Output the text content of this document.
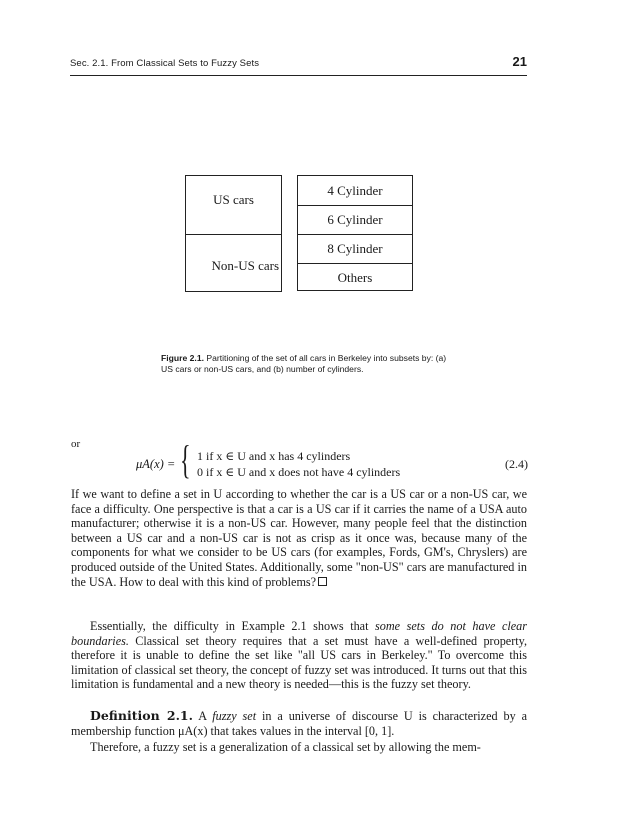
Sec. 2.1. From Classical Sets to Fuzzy Sets	21
US cars
Non-US cars
4 Cylinder
6 Cylinder
8 Cylinder
Others
Figure 2.1. Partitioning of the set of all cars in Berkeley into subsets by: (a) US cars or non-US cars, and (b) number of cylinders.
or
μA(x) = { 1 if x ∈ U and x has 4 cylinders
0 if x ∈ U and x does not have 4 cylinders
(2.4)

If we want to define a set in U according to whether the car is a US car or a non-US car, we face a difficulty. One perspective is that a car is a US car if it carries the name of a USA auto manufacturer; otherwise it is a non-US car. However, many people feel that the distinction between a US car and a non-US car is not as crisp as it once was, because many of the components for what we consider to be US cars (for examples, Fords, GM's, Chryslers) are produced outside of the United States. Additionally, some "non-US" cars are manufactured in the USA. How to deal with this kind of problems?

Essentially, the difficulty in Example 2.1 shows that some sets do not have clear boundaries. Classical set theory requires that a set must have a well-defined property, therefore it is unable to define the set like "all US cars in Berkeley." To overcome this limitation of classical set theory, the concept of fuzzy set was introduced. It turns out that this limitation is fundamental and a new theory is needed—this is the fuzzy set theory.

Definition 2.1. A fuzzy set in a universe of discourse U is characterized by a membership function μA(x) that takes values in the interval [0, 1].

Therefore, a fuzzy set is a generalization of a classical set by allowing the mem-
